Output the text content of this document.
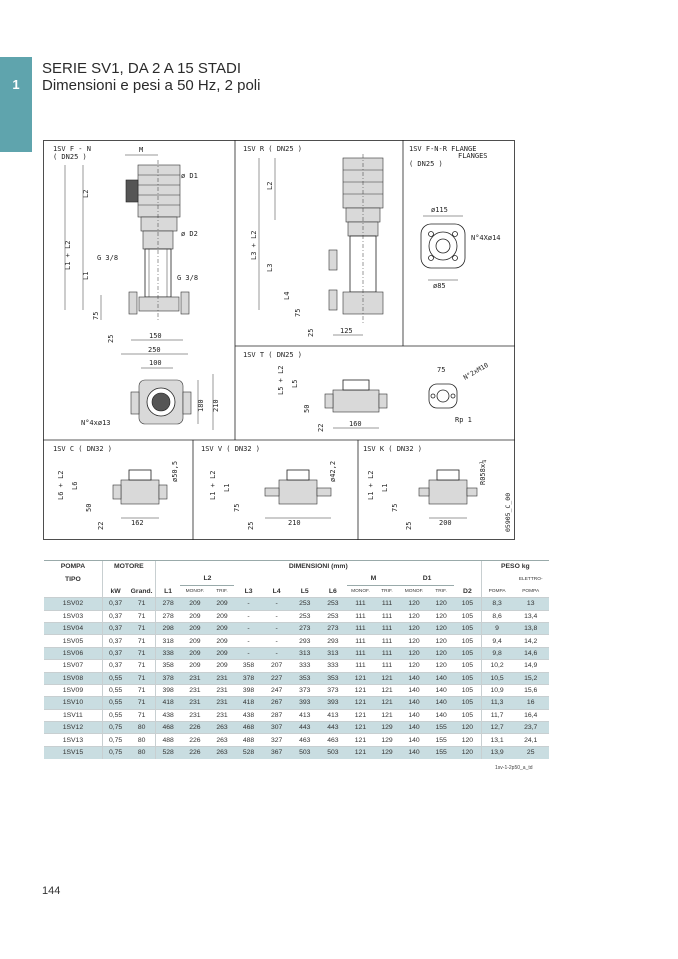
1
SERIE SV1, DA 2 A 15 STADI
Dimensioni e pesi a 50 Hz, 2 poli
1SV F - N
( DN25 )
M
ø D1
ø D2
L2
L1 + L2
L1
G 3/8
G 3/8
75
25	150
250
100
N°4xø13
180 210
1SV R ( DN25 )
L2
L3 + L2
L3
L4
75
25	125
1SV F-N-R FLANGE
FLANGES
( DN25 )
ø115
N°4Xø14
ø85
1SV T ( DN25 )
L5 + L2 L5
50
22	160
75	N°2xM10
Rp 1
1SV C ( DN32 )
L6 + L2 L6
50
22
ø50,5
162
1SV V ( DN32 )
L1 + L2 L1
75
25
ø42,2
210
1SV K ( DN32 )
L1 + L2 L1
75
25
R058x¼
200	05905_C_00
POMPA	MOTORE		DIMENSIONI (mm)												PESO kg	
TIPO				L2						M		D1				ELETTRO-
	kW	Grand.	L1	MONOF.	TRIF.	L3	L4	L5	L6	MONOF.	TRIF.	MONOF.	TRIF.	D2	POMPA	POMPA
1SV02	0,37	71	278	209	209	-	-	253	253	111	111	120	120	105	8,3	13
1SV03	0,37	71	278	209	209	-	-	253	253	111	111	120	120	105	8,6	13,4
1SV04	0,37	71	298	209	209	-	-	273	273	111	111	120	120	105	9	13,8
1SV05	0,37	71	318	209	209	-	-	293	293	111	111	120	120	105	9,4	14,2
1SV06	0,37	71	338	209	209	-	-	313	313	111	111	120	120	105	9,8	14,6
1SV07	0,37	71	358	209	209	358	207	333	333	111	111	120	120	105	10,2	14,9
1SV08	0,55	71	378	231	231	378	227	353	353	121	121	140	140	105	10,5	15,2
1SV09	0,55	71	398	231	231	398	247	373	373	121	121	140	140	105	10,9	15,6
1SV10	0,55	71	418	231	231	418	267	393	393	121	121	140	140	105	11,3	16
1SV11	0,55	71	438	231	231	438	287	413	413	121	121	140	140	105	11,7	16,4
1SV12	0,75	80	468	226	263	468	307	443	443	121	129	140	155	120	12,7	23,7
1SV13	0,75	80	488	226	263	488	327	463	463	121	129	140	155	120	13,1	24,1
1SV15	0,75	80	528	226	263	528	367	503	503	121	129	140	155	120	13,9	25
1sv-1-2p50_a_td
144
